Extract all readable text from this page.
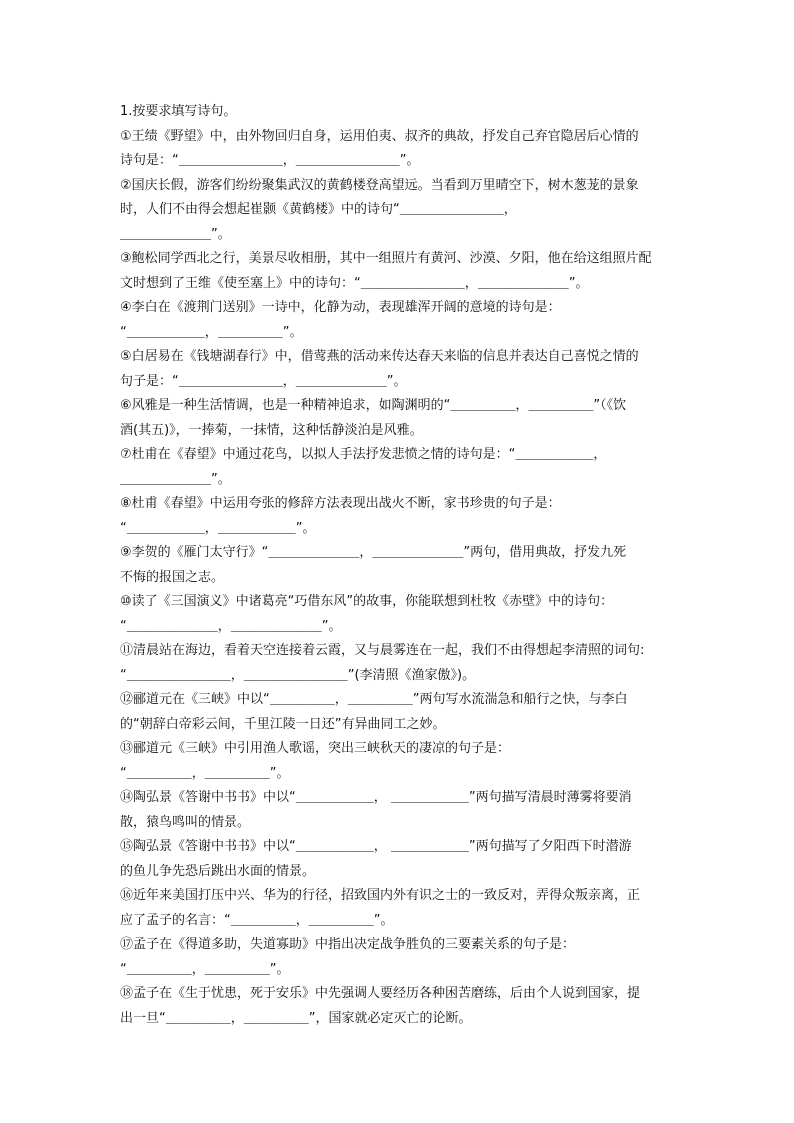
1.按要求填写诗句。

①王绩《野望》中，由外物回归自身，运用伯夷、叔齐的典故，抒发自己弃官隐居后心情的
诗句是：“＿＿＿＿＿＿＿＿，＿＿＿＿＿＿＿＿”。
②国庆长假，游客们纷纷聚集武汉的黄鹤楼登高望远。当看到万里晴空下，树木葱茏的景象
时，人们不由得会想起崔颢《黄鹤楼》中的诗句“＿＿＿＿＿＿＿＿，
＿＿＿＿＿＿＿”。
③鲍松同学西北之行，美景尽收相册，其中一组照片有黄河、沙漠、夕阳，他在给这组照片配
文时想到了王维《使至塞上》中的诗句：“＿＿＿＿＿＿＿＿，＿＿＿＿＿＿＿”。
④李白在《渡荆门送别》一诗中，化静为动，表现雄浑开阔的意境的诗句是：
“＿＿＿＿＿＿，＿＿＿＿＿”。
⑤白居易在《钱塘湖春行》中，借莺燕的活动来传达春天来临的信息并表达自己喜悦之情的
句子是：“＿＿＿＿＿＿＿＿，＿＿＿＿＿＿＿”。
⑥风雅是一种生活情调，也是一种精神追求，如陶渊明的“＿＿＿＿＿，＿＿＿＿＿”（《饮
酒(其五)》，一捧菊，一抹情，这种恬静淡泊是风雅。
⑦杜甫在《春望》中通过花鸟，以拟人手法抒发悲愤之情的诗句是：“＿＿＿＿＿＿，
＿＿＿＿＿＿＿”。
⑧杜甫《春望》中运用夸张的修辞方法表现出战火不断，家书珍贵的句子是：
“＿＿＿＿＿＿，＿＿＿＿＿＿”。
⑨李贺的《雁门太守行》“＿＿＿＿＿＿＿，＿＿＿＿＿＿＿”两句，借用典故，抒发九死
不悔的报国之志。
⑩读了《三国演义》中诸葛亮“巧借东风”的故事，你能联想到杜牧《赤壁》中的诗句：
“＿＿＿＿＿＿＿，＿＿＿＿＿＿＿”。
⑪清晨站在海边，看着天空连接着云霞，又与晨雾连在一起，我们不由得想起李清照的词句:
“＿＿＿＿＿＿＿＿，＿＿＿＿＿＿＿＿”(李清照《渔家傲》)。
⑫郦道元在《三峡》中以“＿＿＿＿＿，＿＿＿＿＿”两句写水流湍急和船行之快，与李白
的“朝辞白帝彩云间，千里江陵一日还”有异曲同工之妙。
⑬郦道元《三峡》中引用渔人歌谣，突出三峡秋天的凄凉的句子是：
“＿＿＿＿＿，＿＿＿＿＿”。
⑭陶弘景《答谢中书书》中以“＿＿＿＿＿＿， ＿＿＿＿＿＿”两句描写清晨时薄雾将要消
散，猿鸟鸣叫的情景。
⑮陶弘景《答谢中书书》中以“＿＿＿＿＿＿， ＿＿＿＿＿＿”两句描写了夕阳西下时潜游
的鱼儿争先恐后跳出水面的情景。
⑯近年来美国打压中兴、华为的行径，招致国内外有识之士的一致反对，弄得众叛亲离，正
应了孟子的名言：“＿＿＿＿＿，＿＿＿＿＿”。
⑰孟子在《得道多助，失道寡助》中指出决定战争胜负的三要素关系的句子是：
“＿＿＿＿＿，＿＿＿＿＿”。
⑱孟子在《生于忧患，死于安乐》中先强调人要经历各种困苦磨练，后由个人说到国家，提
出一旦“＿＿＿＿＿，＿＿＿＿＿”，国家就必定灭亡的论断。
